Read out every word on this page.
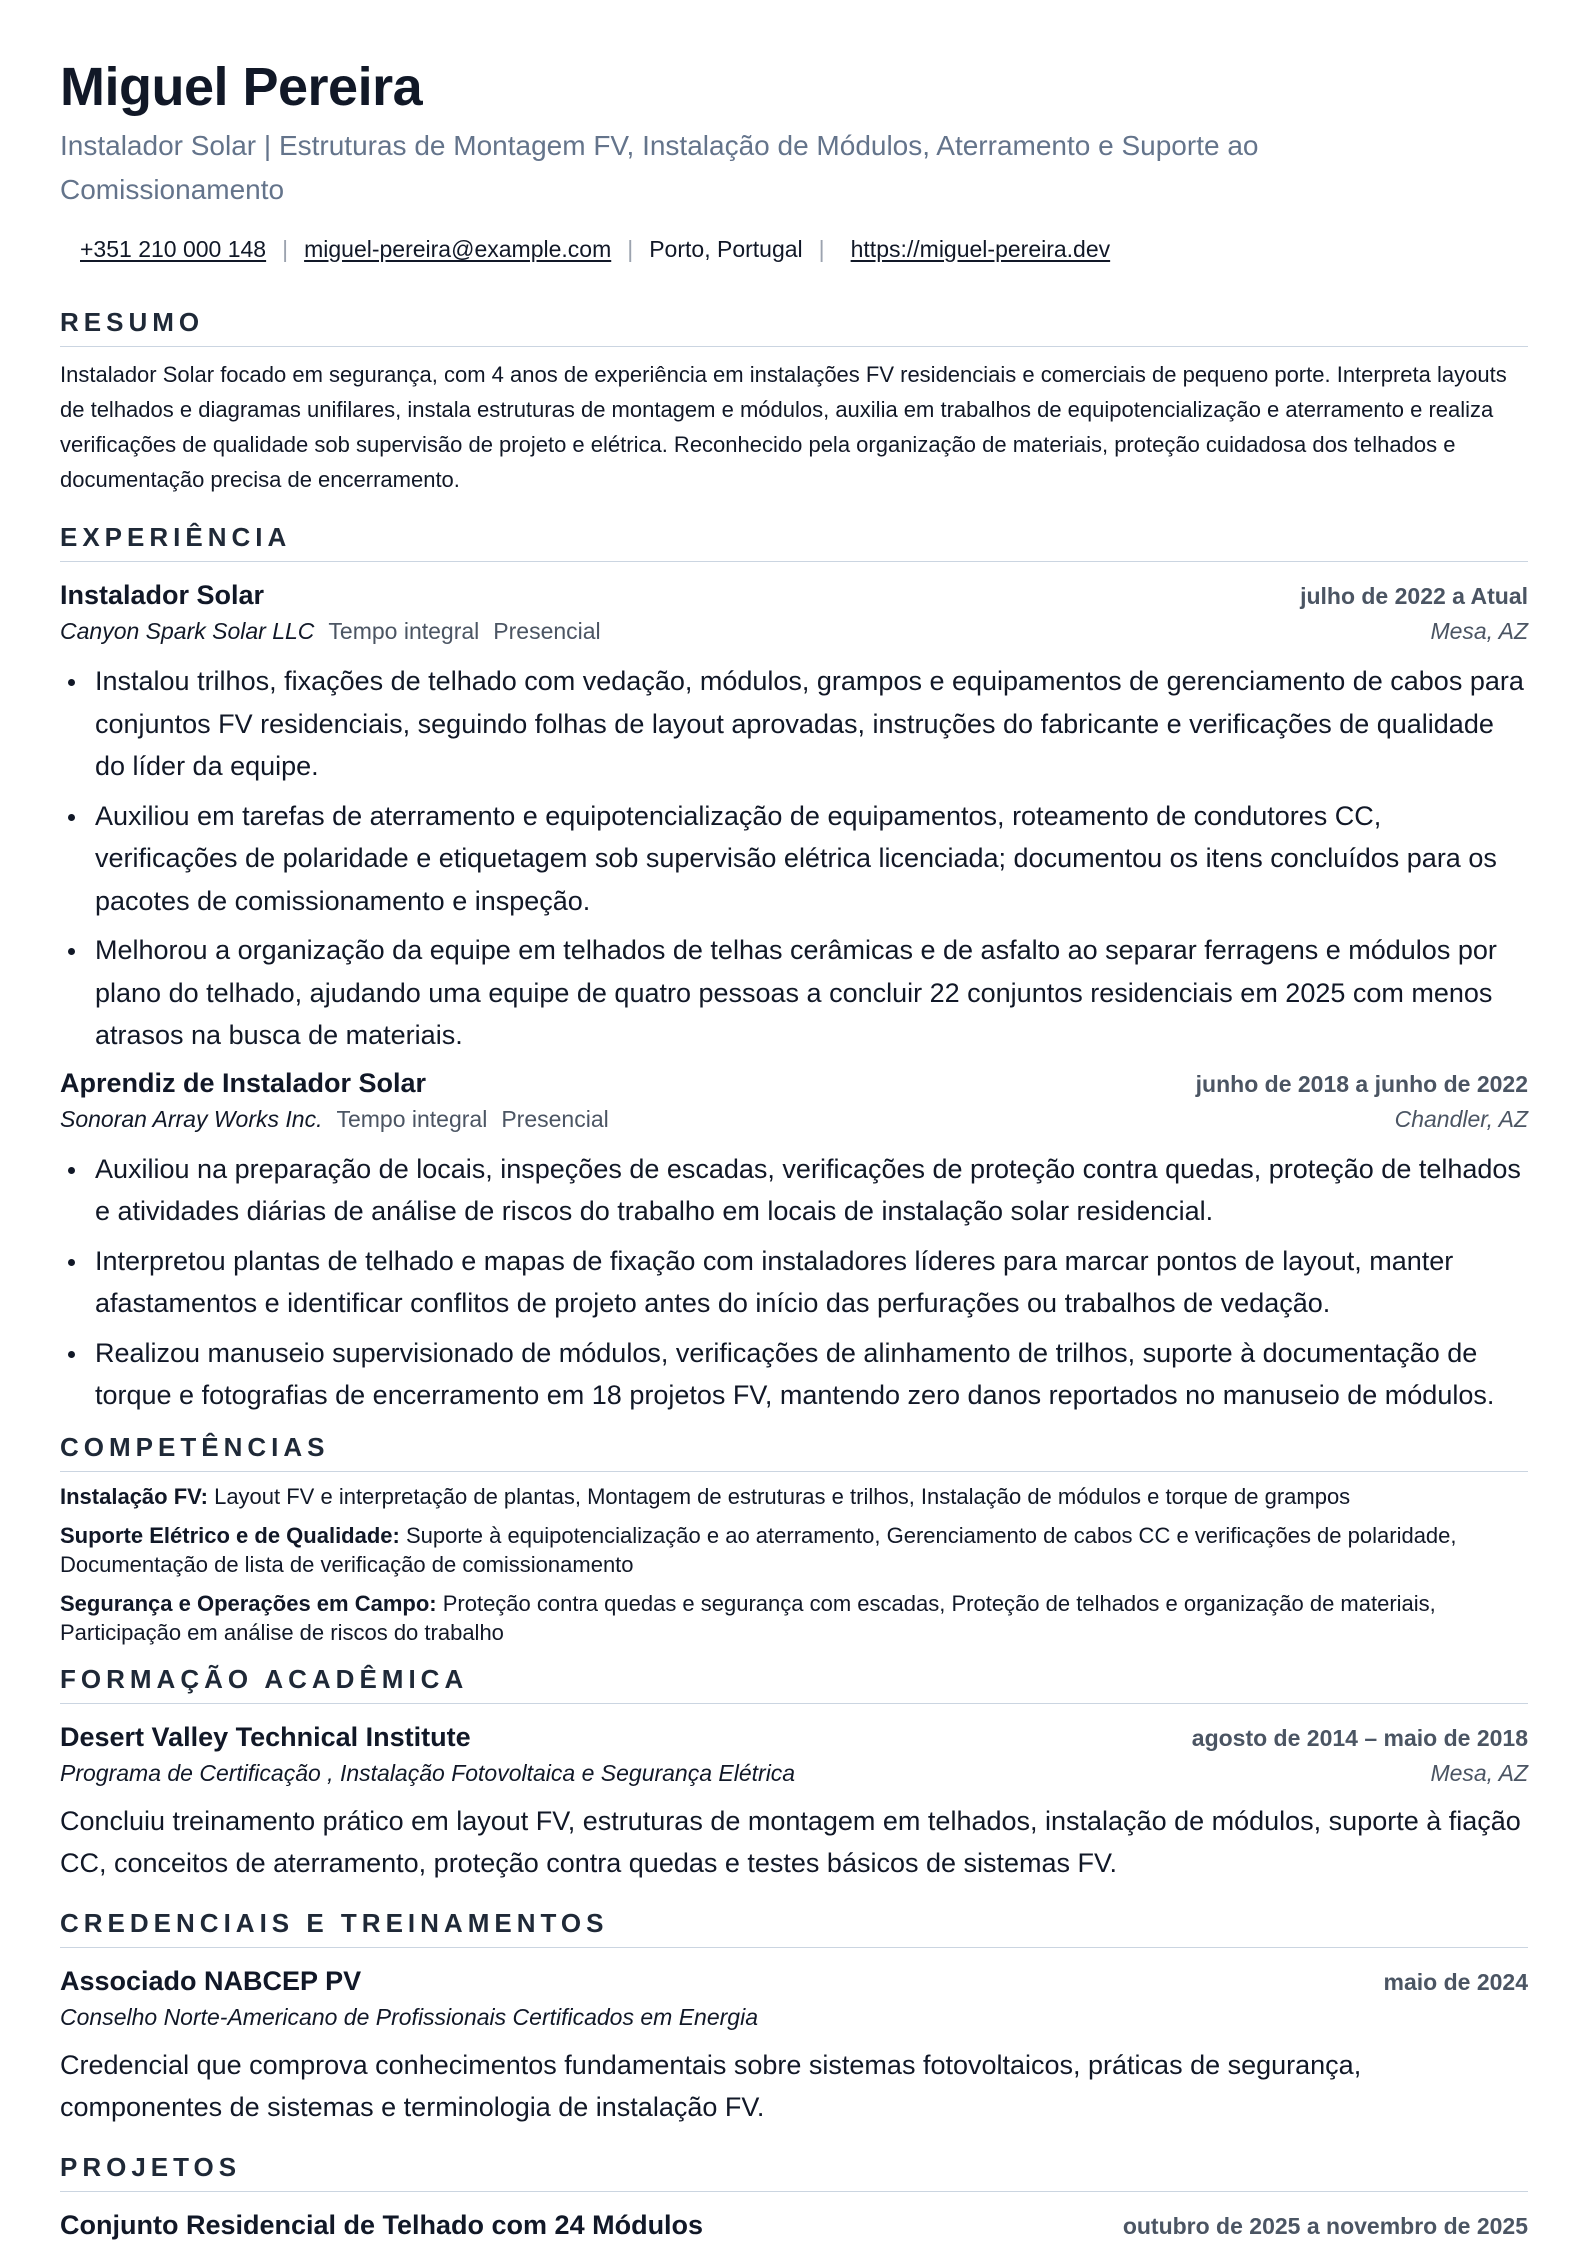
Miguel Pereira
Instalador Solar | Estruturas de Montagem FV, Instalação de Módulos, Aterramento e Suporte ao Comissionamento
+351 210 000 148 | miguel-pereira@example.com | Porto, Portugal | https://miguel-pereira.dev
RESUMO
Instalador Solar focado em segurança, com 4 anos de experiência em instalações FV residenciais e comerciais de pequeno porte. Interpreta layouts de telhados e diagramas unifilares, instala estruturas de montagem e módulos, auxilia em trabalhos de equipotencialização e aterramento e realiza verificações de qualidade sob supervisão de projeto e elétrica. Reconhecido pela organização de materiais, proteção cuidadosa dos telhados e documentação precisa de encerramento.
EXPERIÊNCIA
Instalador Solar	julho de 2022 a Atual
Canyon Spark Solar LLC Tempo integral Presencial	Mesa, AZ
Instalou trilhos, fixações de telhado com vedação, módulos, grampos e equipamentos de gerenciamento de cabos para conjuntos FV residenciais, seguindo folhas de layout aprovadas, instruções do fabricante e verificações de qualidade do líder da equipe.
Auxiliou em tarefas de aterramento e equipotencialização de equipamentos, roteamento de condutores CC, verificações de polaridade e etiquetagem sob supervisão elétrica licenciada; documentou os itens concluídos para os pacotes de comissionamento e inspeção.
Melhorou a organização da equipe em telhados de telhas cerâmicas e de asfalto ao separar ferragens e módulos por plano do telhado, ajudando uma equipe de quatro pessoas a concluir 22 conjuntos residenciais em 2025 com menos atrasos na busca de materiais.
Aprendiz de Instalador Solar	junho de 2018 a junho de 2022
Sonoran Array Works Inc. Tempo integral Presencial	Chandler, AZ
Auxiliou na preparação de locais, inspeções de escadas, verificações de proteção contra quedas, proteção de telhados e atividades diárias de análise de riscos do trabalho em locais de instalação solar residencial.
Interpretou plantas de telhado e mapas de fixação com instaladores líderes para marcar pontos de layout, manter afastamentos e identificar conflitos de projeto antes do início das perfurações ou trabalhos de vedação.
Realizou manuseio supervisionado de módulos, verificações de alinhamento de trilhos, suporte à documentação de torque e fotografias de encerramento em 18 projetos FV, mantendo zero danos reportados no manuseio de módulos.
COMPETÊNCIAS
Instalação FV: Layout FV e interpretação de plantas, Montagem de estruturas e trilhos, Instalação de módulos e torque de grampos
Suporte Elétrico e de Qualidade: Suporte à equipotencialização e ao aterramento, Gerenciamento de cabos CC e verificações de polaridade, Documentação de lista de verificação de comissionamento
Segurança e Operações em Campo: Proteção contra quedas e segurança com escadas, Proteção de telhados e organização de materiais, Participação em análise de riscos do trabalho
FORMAÇÃO ACADÊMICA
Desert Valley Technical Institute	agosto de 2014 – maio de 2018
Programa de Certificação , Instalação Fotovoltaica e Segurança Elétrica	Mesa, AZ
Concluiu treinamento prático em layout FV, estruturas de montagem em telhados, instalação de módulos, suporte à fiação CC, conceitos de aterramento, proteção contra quedas e testes básicos de sistemas FV.
CREDENCIAIS E TREINAMENTOS
Associado NABCEP PV	maio de 2024
Conselho Norte-Americano de Profissionais Certificados em Energia
Credencial que comprova conhecimentos fundamentais sobre sistemas fotovoltaicos, práticas de segurança, componentes de sistemas e terminologia de instalação FV.
PROJETOS
Conjunto Residencial de Telhado com 24 Módulos	outubro de 2025 a novembro de 2025
